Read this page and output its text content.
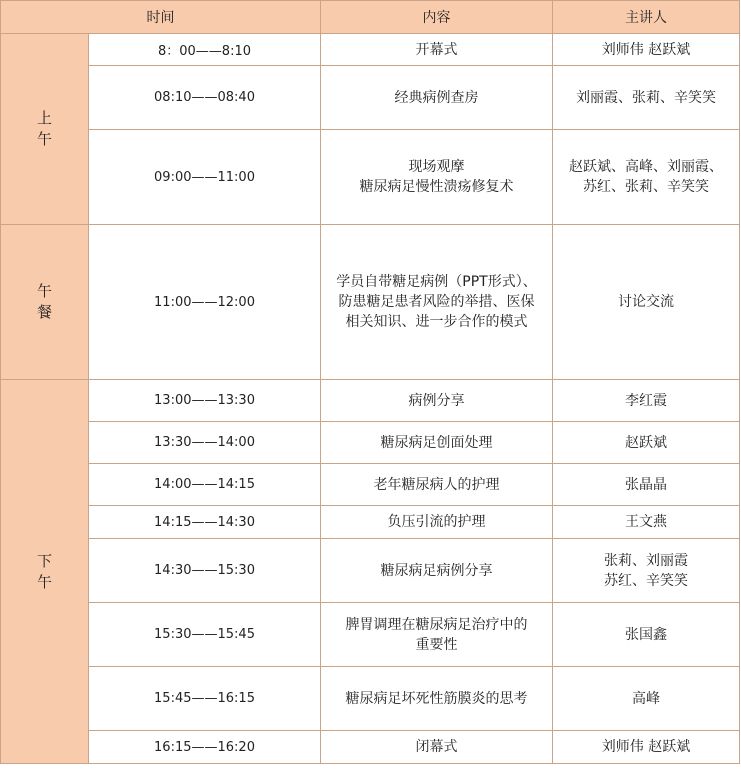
时间		内容	主讲人

上
午	8：00——8:10	开幕式	刘师伟 赵跃斌

	08:10——08:40	经典病例查房	刘丽霞、张莉、辛笑笑

	09:00——11:00	现场观摩
糖尿病足慢性溃疡修复术	赵跃斌、高峰、刘丽霞、
苏红、张莉、辛笑笑

午
餐	11:00——12:00	学员自带糖足病例（PPT形式）、
防患糖足患者风险的举措、医保
相关知识、进一步合作的模式	讨论交流

下
午	13:00——13:30	病例分享	李红霞

	13:30——14:00	糖尿病足创面处理	赵跃斌

	14:00——14:15	老年糖尿病人的护理	张晶晶

	14:15——14:30	负压引流的护理	王文燕

	14:30——15:30	糖尿病足病例分享	张莉、刘丽霞
苏红、辛笑笑

	15:30——15:45	脾胃调理在糖尿病足治疗中的
重要性	张国鑫

	15:45——16:15	糖尿病足坏死性筋膜炎的思考	高峰

	16:15——16:20	闭幕式	刘师伟 赵跃斌
